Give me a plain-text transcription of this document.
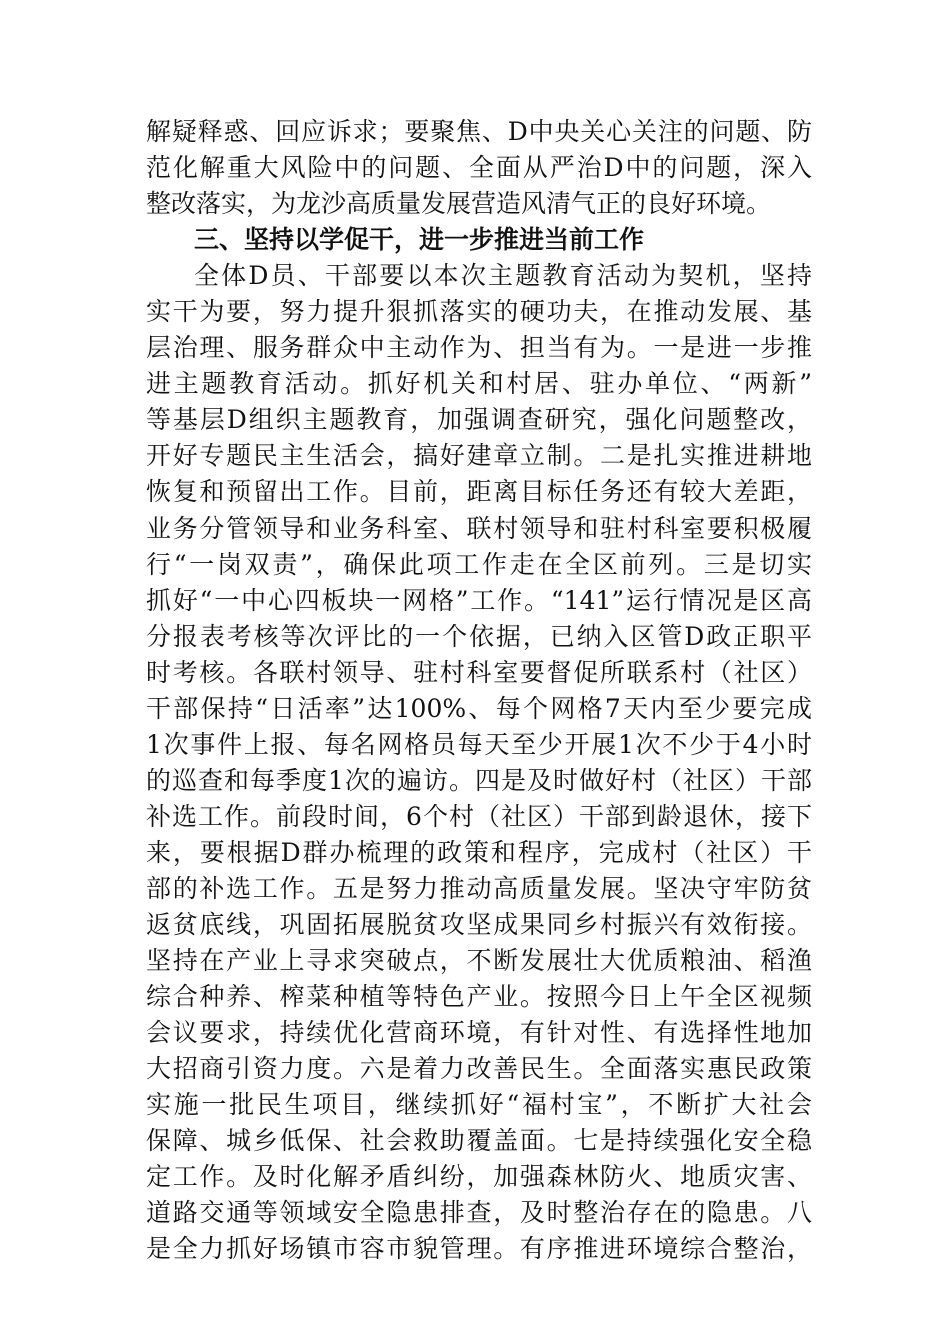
解疑释惑、回应诉求；要聚焦、D中央关心关注的问题、防
范化解重大风险中的问题、全面从严治D中的问题，深入
整改落实，为龙沙高质量发展营造风清气正的良好环境。
三、坚持以学促干，进一步推进当前工作
全体D员、干部要以本次主题教育活动为契机，坚持
实干为要，努力提升狠抓落实的硬功夫，在推动发展、基
层治理、服务群众中主动作为、担当有为。一是进一步推
进主题教育活动。抓好机关和村居、驻办单位、“两新”
等基层D组织主题教育，加强调查研究，强化问题整改，
开好专题民主生活会，搞好建章立制。二是扎实推进耕地
恢复和预留出工作。目前，距离目标任务还有较大差距，
业务分管领导和业务科室、联村领导和驻村科室要积极履
行“一岗双责”，确保此项工作走在全区前列。三是切实
抓好“一中心四板块一网格”工作。“141”运行情况是区高
分报表考核等次评比的一个依据，已纳入区管D政正职平
时考核。各联村领导、驻村科室要督促所联系村（社区）
干部保持“日活率”达100%、每个网格7天内至少要完成
1次事件上报、每名网格员每天至少开展1次不少于4小时
的巡查和每季度1次的遍访。四是及时做好村（社区）干部
补选工作。前段时间，6个村（社区）干部到龄退休，接下
来，要根据D群办梳理的政策和程序，完成村（社区）干
部的补选工作。五是努力推动高质量发展。坚决守牢防贫
返贫底线，巩固拓展脱贫攻坚成果同乡村振兴有效衔接。
坚持在产业上寻求突破点，不断发展壮大优质粮油、稻渔
综合种养、榨菜种植等特色产业。按照今日上午全区视频
会议要求，持续优化营商环境，有针对性、有选择性地加
大招商引资力度。六是着力改善民生。全面落实惠民政策
实施一批民生项目，继续抓好“福村宝”，不断扩大社会
保障、城乡低保、社会救助覆盖面。七是持续强化安全稳
定工作。及时化解矛盾纠纷，加强森林防火、地质灾害、
道路交通等领域安全隐患排查，及时整治存在的隐患。八
是全力抓好场镇市容市貌管理。有序推进环境综合整治，
